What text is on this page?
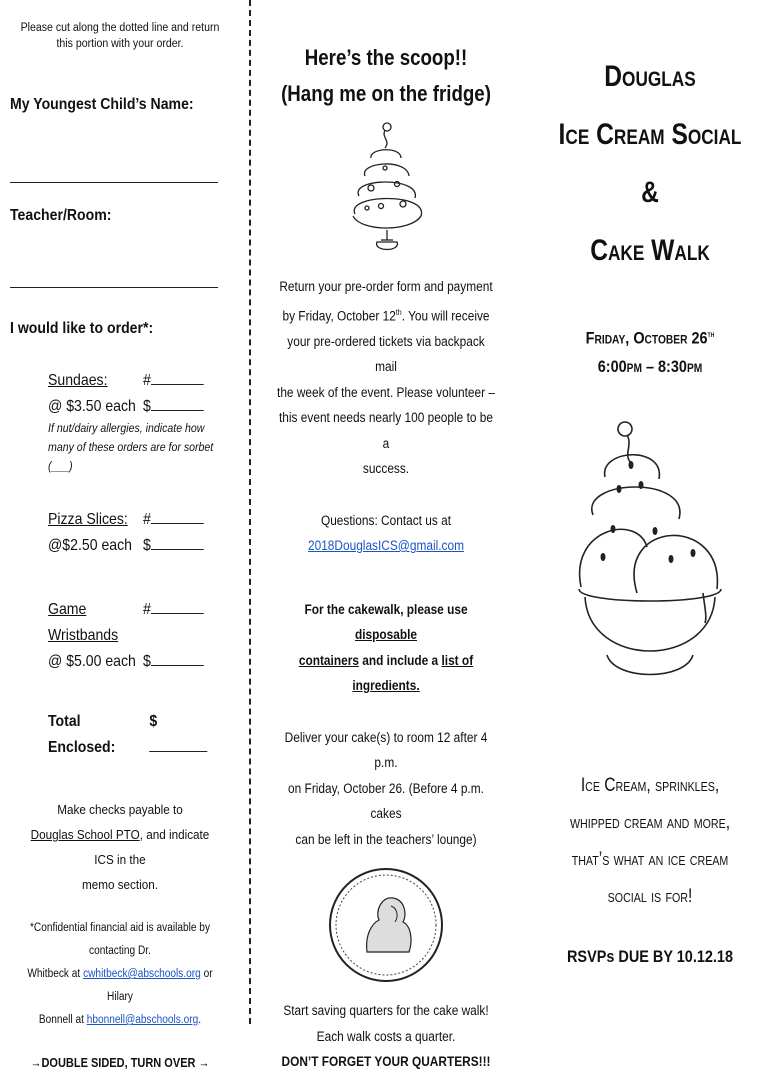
Please cut along the dotted line and return this portion with your order.

My Youngest Child’s Name:

Teacher/Room:

I would like to order*:

Sundaes:	#
@ $3.50 each $

If nut/dairy allergies, indicate how many of these orders are for sorbet (___)

Pizza Slices: #
@$2.50 each $
Game Wristbands
#
@ $5.00 each $
Total Enclosed:
$
Make checks payable to
Douglas School PTO, and indicate ICS in the
memo section.
*Confidential financial aid is available by contacting Dr.
Whitbeck at cwhitbeck@abschools.org or Hilary
Bonnell at hbonnell@abschools.org.
→DOUBLE SIDED, TURN OVER →

Here’s the scoop!!

(Hang me on the fridge)

Return your pre-order form and payment

by Friday, October 12th. You will receive

your pre-ordered tickets via backpack mail

the week of the event. Please volunteer –

this event needs nearly 100 people to be a

success.

Questions: Contact us at

2018DouglasICS@gmail.com

For the cakewalk, please use disposable

containers and include a list of

ingredients.

Deliver your cake(s) to room 12 after 4 p.m.

on Friday, October 26. (Before 4 p.m. cakes

can be left in the teachers’ lounge)

Start saving quarters for the cake walk!

Each walk costs a quarter.

DON’T FORGET YOUR QUARTERS!!!

Douglas

Ice Cream Social

&

Cake Walk

Friday, October 26th

6:00pm – 8:30pm

Ice Cream, sprinkles,

whipped cream and more,

that’s what an ice cream

social is for!

RSVPs DUE BY 10.12.18
